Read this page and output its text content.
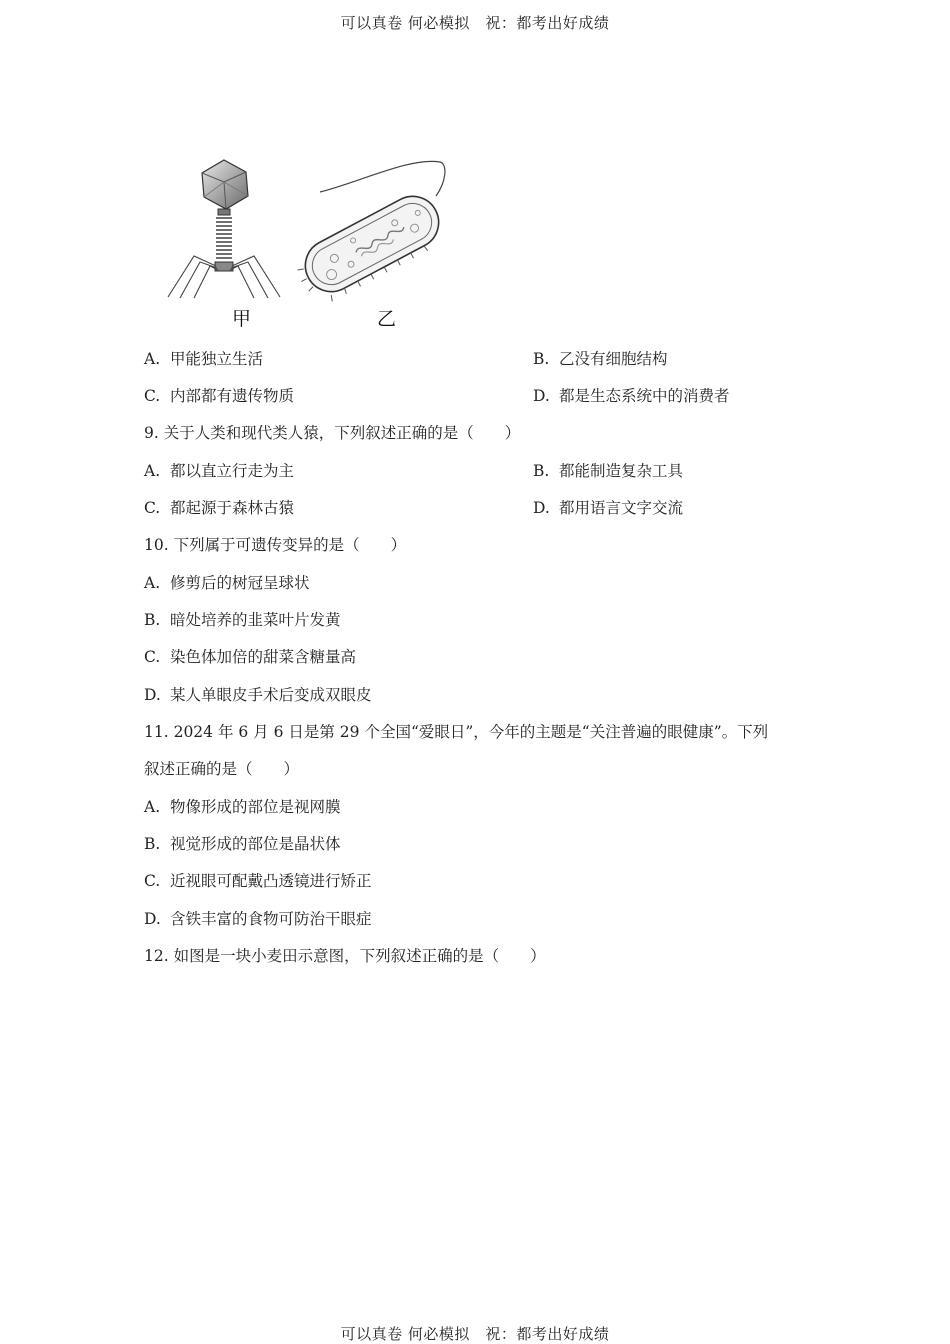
可以真卷 何必模拟　祝：都考出好成绩
甲	乙
A. 甲能独立生活	B. 乙没有细胞结构
C. 内部都有遗传物质	D. 都是生态系统中的消费者
9. 关于人类和现代类人猿，下列叙述正确的是（　　）
A. 都以直立行走为主	B. 都能制造复杂工具
C. 都起源于森林古猿	D. 都用语言文字交流
10. 下列属于可遗传变异的是（　　）
A. 修剪后的树冠呈球状
B. 暗处培养的韭菜叶片发黄
C. 染色体加倍的甜菜含糖量高
D. 某人单眼皮手术后变成双眼皮
11. 2024 年 6 月 6 日是第 29 个全国“爱眼日”，今年的主题是“关注普遍的眼健康”。下列
叙述正确的是（　　）
A. 物像形成的部位是视网膜
B. 视觉形成的部位是晶状体
C. 近视眼可配戴凸透镜进行矫正
D. 含铁丰富的食物可防治干眼症
12. 如图是一块小麦田示意图，下列叙述正确的是（　　）
可以真卷 何必模拟　祝：都考出好成绩
